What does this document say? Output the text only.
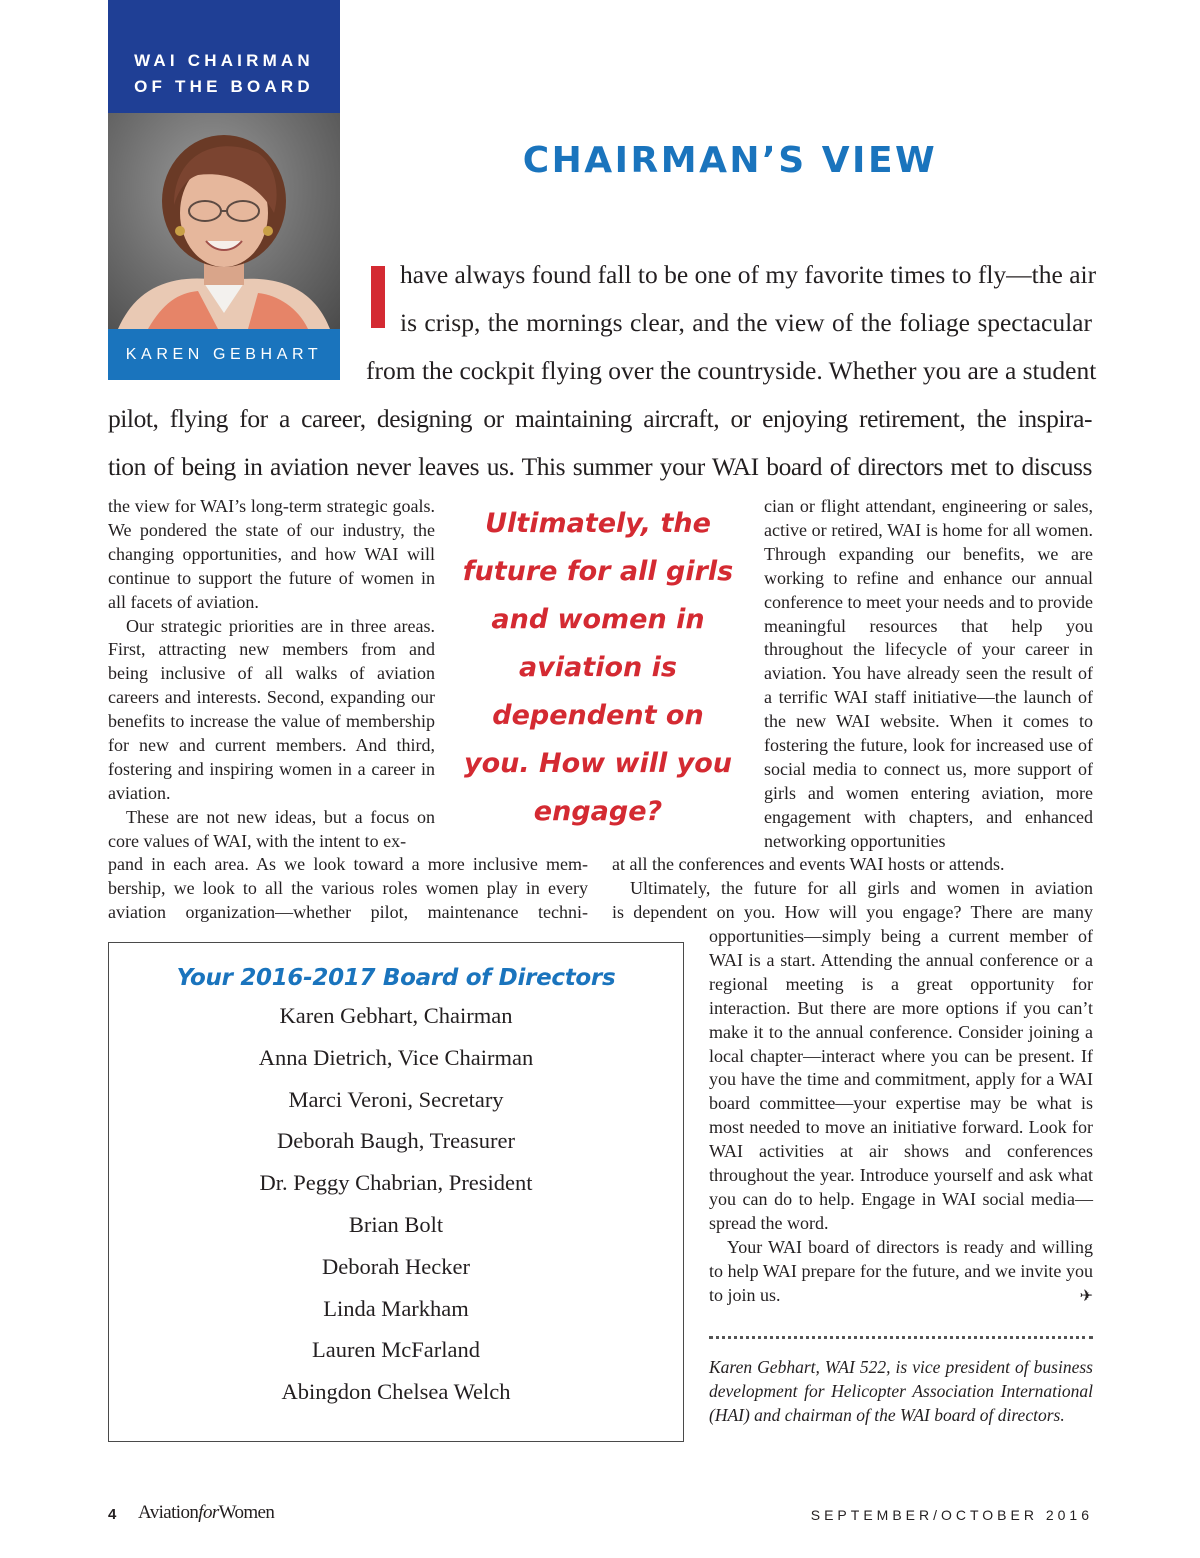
WAI CHAIRMAN
OF THE BOARD
KAREN GEBHART
CHAIRMAN’S VIEW
have always found fall to be one of my favorite times to fly—the air
is crisp, the mornings clear, and the view of the foliage spectacular
from the cockpit flying over the countryside. Whether you are a student
pilot, flying for a career, designing or maintaining aircraft, or enjoying retirement, the inspira-
tion of being in aviation never leaves us. This summer your WAI board of directors met to discuss

the view for WAI’s long-term strategic goals. We pondered the state of our industry, the changing opportunities, and how WAI will continue to support the future of women in all facets of aviation.

Our strategic priorities are in three areas. First, attracting new members from and being inclusive of all walks of aviation careers and interests. Second, expanding our benefits to increase the value of membership for new and current members. And third, fostering and inspiring women in a career in aviation.

These are not new ideas, but a focus on core values of WAI, with the intent to ex-

pand in each area. As we look toward a more inclusive mem-
bership, we look to all the various roles women play in every
aviation organization—whether pilot, maintenance techni-
Ultimately, the future for all girls and women in aviation is dependent on you. How will you engage?

cian or flight attendant, engineering or sales, active or retired, WAI is home for all women. Through expanding our benefits, we are working to refine and enhance our annual conference to meet your needs and to provide meaningful resources that help you throughout the lifecycle of your career in aviation. You have already seen the result of a terrific WAI staff initiative—the launch of the new WAI website. When it comes to fostering the future, look for increased use of social media to connect us, more support of girls and women entering aviation, more engagement with chapters, and enhanced networking opportunities

at all the conferences and events WAI hosts or attends.
Ultimately, the future for all girls and women in aviation
is dependent on you. How will you engage? There are many
Your 2016-2017 Board of Directors
Karen Gebhart, Chairman
Anna Dietrich, Vice Chairman
Marci Veroni, Secretary
Deborah Baugh, Treasurer
Dr. Peggy Chabrian, President
Brian Bolt
Deborah Hecker
Linda Markham
Lauren McFarland
Abingdon Chelsea Welch

opportunities—simply being a current member of WAI is a start. Attending the annual conference or a regional meeting is a great opportunity for interaction. But there are more options if you can’t make it to the annual conference. Consider joining a local chapter—interact where you can be present. If you have the time and commitment, apply for a WAI board committee—your expertise may be what is most needed to move an initiative forward. Look for WAI activities at air shows and conferences throughout the year. Introduce yourself and ask what you can do to help. Engage in WAI social media—spread the word.

Your WAI board of directors is ready and willing to help WAI prepare for the future, and we invite you to join us.	✈

Karen Gebhart, WAI 522, is vice president of business development for Helicopter Association International (HAI) and chairman of the WAI board of directors.
4 AviationforWomen	SEPTEMBER/OCTOBER 2016
